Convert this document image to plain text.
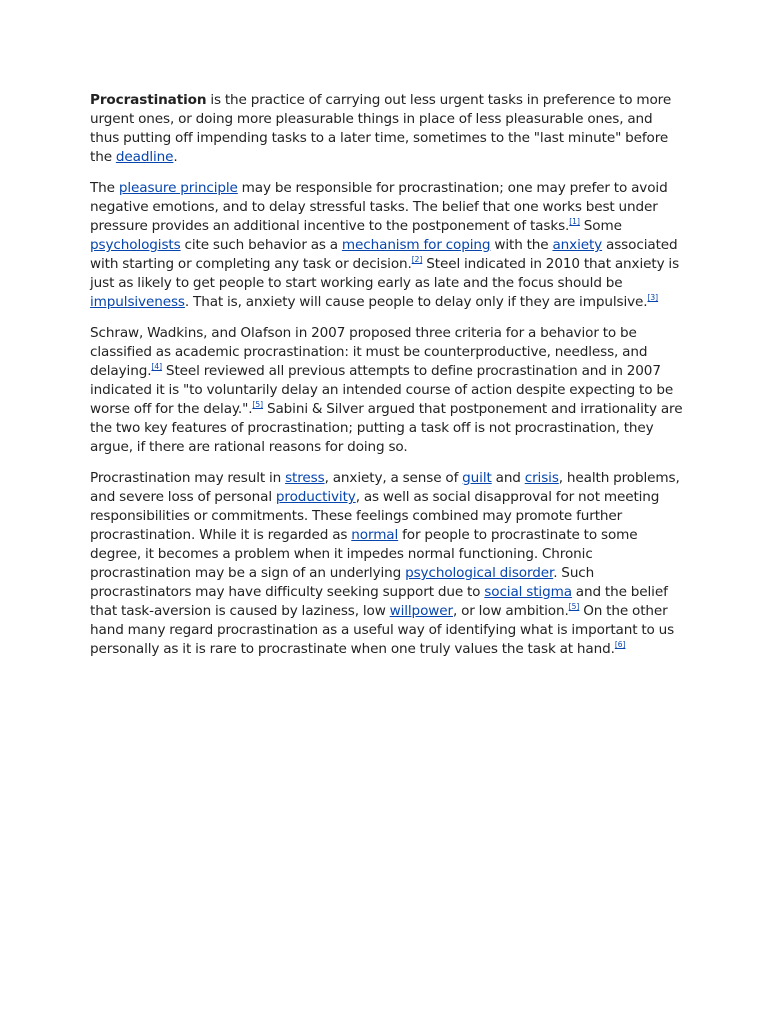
Procrastination is the practice of carrying out less urgent tasks in preference to more urgent ones, or doing more pleasurable things in place of less pleasurable ones, and thus putting off impending tasks to a later time, sometimes to the "last minute" before the deadline.

The pleasure principle may be responsible for procrastination; one may prefer to avoid negative emotions, and to delay stressful tasks. The belief that one works best under pressure provides an additional incentive to the postponement of tasks.[1] Some psychologists cite such behavior as a mechanism for coping with the anxiety associated with starting or completing any task or decision.[2] Steel indicated in 2010 that anxiety is just as likely to get people to start working early as late and the focus should be impulsiveness. That is, anxiety will cause people to delay only if they are impulsive.[3]

Schraw, Wadkins, and Olafson in 2007 proposed three criteria for a behavior to be classified as academic procrastination: it must be counterproductive, needless, and delaying.[4] Steel reviewed all previous attempts to define procrastination and in 2007 indicated it is "to voluntarily delay an intended course of action despite expecting to be worse off for the delay.".[5] Sabini & Silver argued that postponement and irrationality are the two key features of procrastination; putting a task off is not procrastination, they argue, if there are rational reasons for doing so.

Procrastination may result in stress, anxiety, a sense of guilt and crisis, health problems, and severe loss of personal productivity, as well as social disapproval for not meeting responsibilities or commitments. These feelings combined may promote further procrastination. While it is regarded as normal for people to procrastinate to some degree, it becomes a problem when it impedes normal functioning. Chronic procrastination may be a sign of an underlying psychological disorder. Such procrastinators may have difficulty seeking support due to social stigma and the belief that task-aversion is caused by laziness, low willpower, or low ambition.[5] On the other hand many regard procrastination as a useful way of identifying what is important to us personally as it is rare to procrastinate when one truly values the task at hand.[6]
